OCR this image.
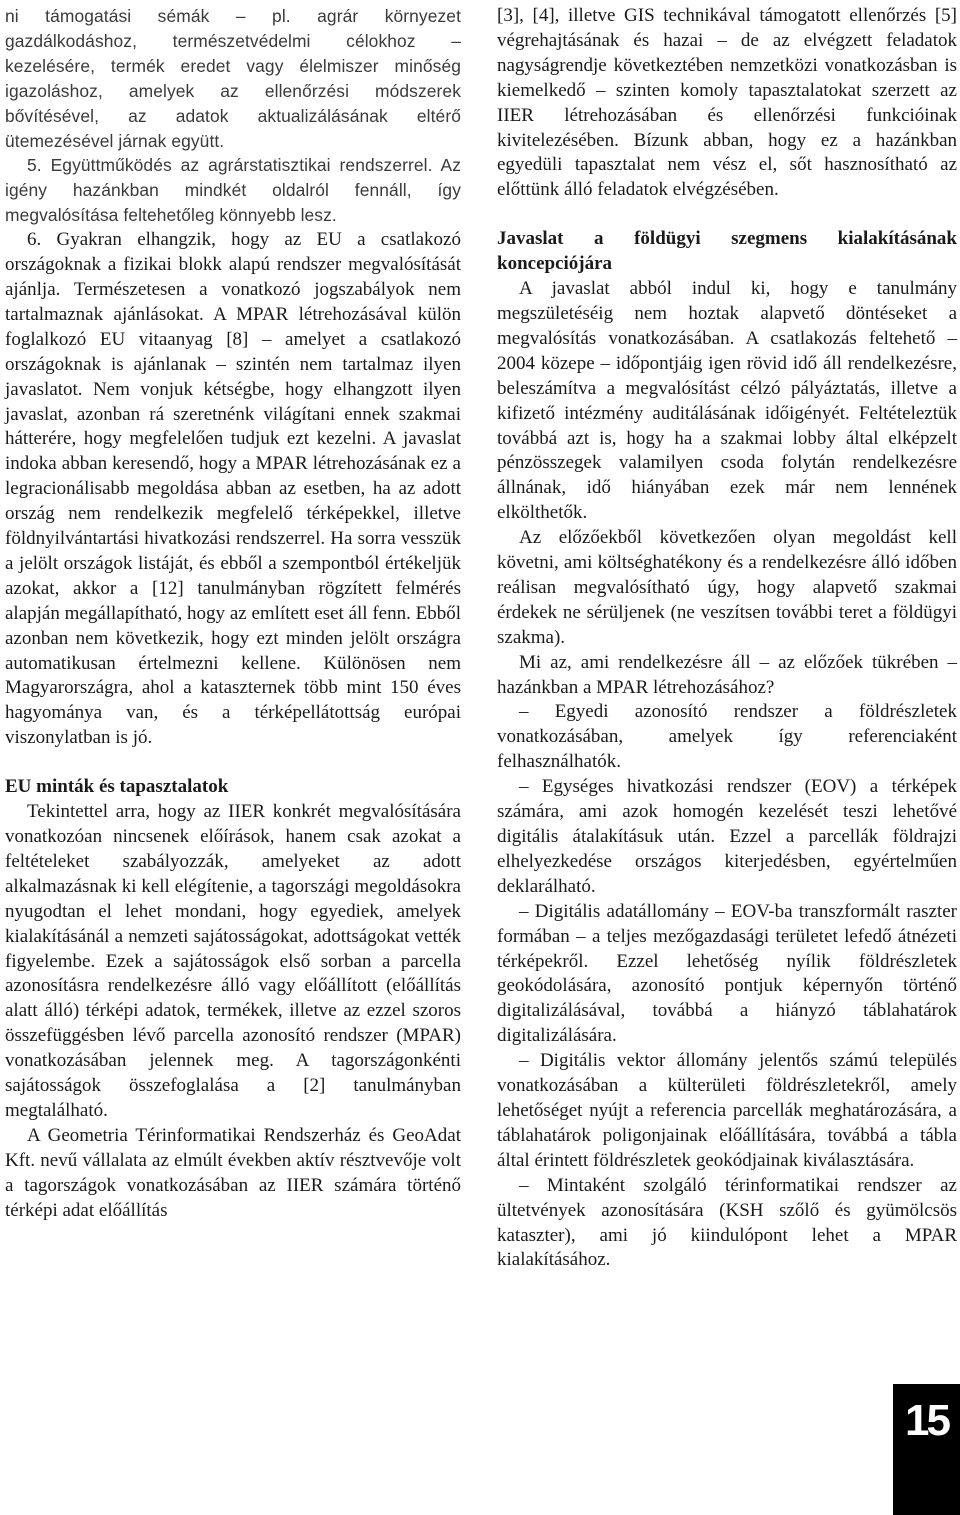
ni támogatási sémák – pl. agrár környezet gazdálkodáshoz, természetvédelmi célokhoz – kezelésére, termék eredet vagy élelmiszer minőség igazoláshoz, amelyek az ellenőrzési módszerek bővítésével, az adatok aktualizálásának eltérő ütemezésével járnak együtt.

5. Együttműködés az agrárstatisztikai rendszerrel. Az igény hazánkban mindkét oldalról fennáll, így megvalósítása feltehetőleg könnyebb lesz.

6. Gyakran elhangzik, hogy az EU a csatlakozó országoknak a fizikai blokk alapú rendszer megvalósítását ajánlja. Természetesen a vonatkozó jogszabályok nem tartalmaznak ajánlásokat. A MPAR létrehozásával külön foglalkozó EU vitaanyag [8] – amelyet a csatlakozó országoknak is ajánlanak – szintén nem tartalmaz ilyen javaslatot. Nem vonjuk kétségbe, hogy elhangzott ilyen javaslat, azonban rá szeretnénk világítani ennek szakmai hátterére, hogy megfelelően tudjuk ezt kezelni. A javaslat indoka abban keresendő, hogy a MPAR létrehozásának ez a legracionálisabb megoldása abban az esetben, ha az adott ország nem rendelkezik megfelelő térképekkel, illetve földnyilvántartási hivatkozási rendszerrel. Ha sorra vesszük a jelölt országok listáját, és ebből a szempontból értékeljük azokat, akkor a [12] tanulmányban rögzített felmérés alapján megállapítható, hogy az említett eset áll fenn. Ebből azonban nem következik, hogy ezt minden jelölt országra automatikusan értelmezni kellene. Különösen nem Magyarországra, ahol a kataszternek több mint 150 éves hagyománya van, és a térképellátottság európai viszonylatban is jó.

EU minták és tapasztalatok

Tekintettel arra, hogy az IIER konkrét megvalósítására vonatkozóan nincsenek előírások, hanem csak azokat a feltételeket szabályozzák, amelyeket az adott alkalmazásnak ki kell elégítenie, a tagországi megoldásokra nyugodtan el lehet mondani, hogy egyediek, amelyek kialakításánál a nemzeti sajátosságokat, adottságokat vették figyelembe. Ezek a sajátosságok első sorban a parcella azonosításra rendelkezésre álló vagy előállított (előállítás alatt álló) térképi adatok, termékek, illetve az ezzel szoros összefüggésben lévő parcella azonosító rendszer (MPAR) vonatkozásában jelennek meg. A tagországonkénti sajátosságok összefoglalása a [2] tanulmányban megtalálható.

A Geometria Térinformatikai Rendszerház és GeoAdat Kft. nevű vállalata az elmúlt években aktív résztvevője volt a tagországok vonatkozásában az IIER számára történő térképi adat előállítás

[3], [4], illetve GIS technikával támogatott ellenőrzés [5] végrehajtásának és hazai – de az elvégzett feladatok nagyságrendje következtében nemzetközi vonatkozásban is kiemelkedő – szinten komoly tapasztalatokat szerzett az IIER létrehozásában és ellenőrzési funkcióinak kivitelezésében. Bízunk abban, hogy ez a hazánkban egyedüli tapasztalat nem vész el, sőt hasznosítható az előttünk álló feladatok elvégzésében.

Javaslat a földügyi szegmens kialakításának koncepciójára

A javaslat abból indul ki, hogy e tanulmány megszületéséig nem hoztak alapvető döntéseket a megvalósítás vonatkozásában. A csatlakozás feltehető – 2004 közepe – időpontjáig igen rövid idő áll rendelkezésre, beleszámítva a megvalósítást célzó pályáztatás, illetve a kifizető intézmény auditálásának időigényét. Feltételeztük továbbá azt is, hogy ha a szakmai lobby által elképzelt pénzösszegek valamilyen csoda folytán rendelkezésre állnának, idő hiányában ezek már nem lennének elkölthetők.

Az előzőekből következően olyan megoldást kell követni, ami költséghatékony és a rendelkezésre álló időben reálisan megvalósítható úgy, hogy alapvető szakmai érdekek ne sérüljenek (ne veszítsen további teret a földügyi szakma).

Mi az, ami rendelkezésre áll – az előzőek tükrében – hazánkban a MPAR létrehozásához?

– Egyedi azonosító rendszer a földrészletek vonatkozásában, amelyek így referenciaként felhasználhatók.

– Egységes hivatkozási rendszer (EOV) a térképek számára, ami azok homogén kezelését teszi lehetővé digitális átalakításuk után. Ezzel a parcellák földrajzi elhelyezkedése országos kiterjedésben, egyértelműen deklarálható.

– Digitális adatállomány – EOV-ba transzformált raszter formában – a teljes mezőgazdasági területet lefedő átnézeti térképekről. Ezzel lehetőség nyílik földrészletek geokódolására, azonosító pontjuk képernyőn történő digitalizálásával, továbbá a hiányzó táblahatárok digitalizálására.

– Digitális vektor állomány jelentős számú település vonatkozásában a külterületi földrészletekről, amely lehetőséget nyújt a referencia parcellák meghatározására, a táblahatárok poligonjainak előállítására, továbbá a tábla által érintett földrészletek geokódjainak kiválasztására.

– Mintaként szolgáló térinformatikai rendszer az ültetvények azonosítására (KSH szőlő és gyümölcsös kataszter), ami jó kiindulópont lehet a MPAR kialakításához.

15
